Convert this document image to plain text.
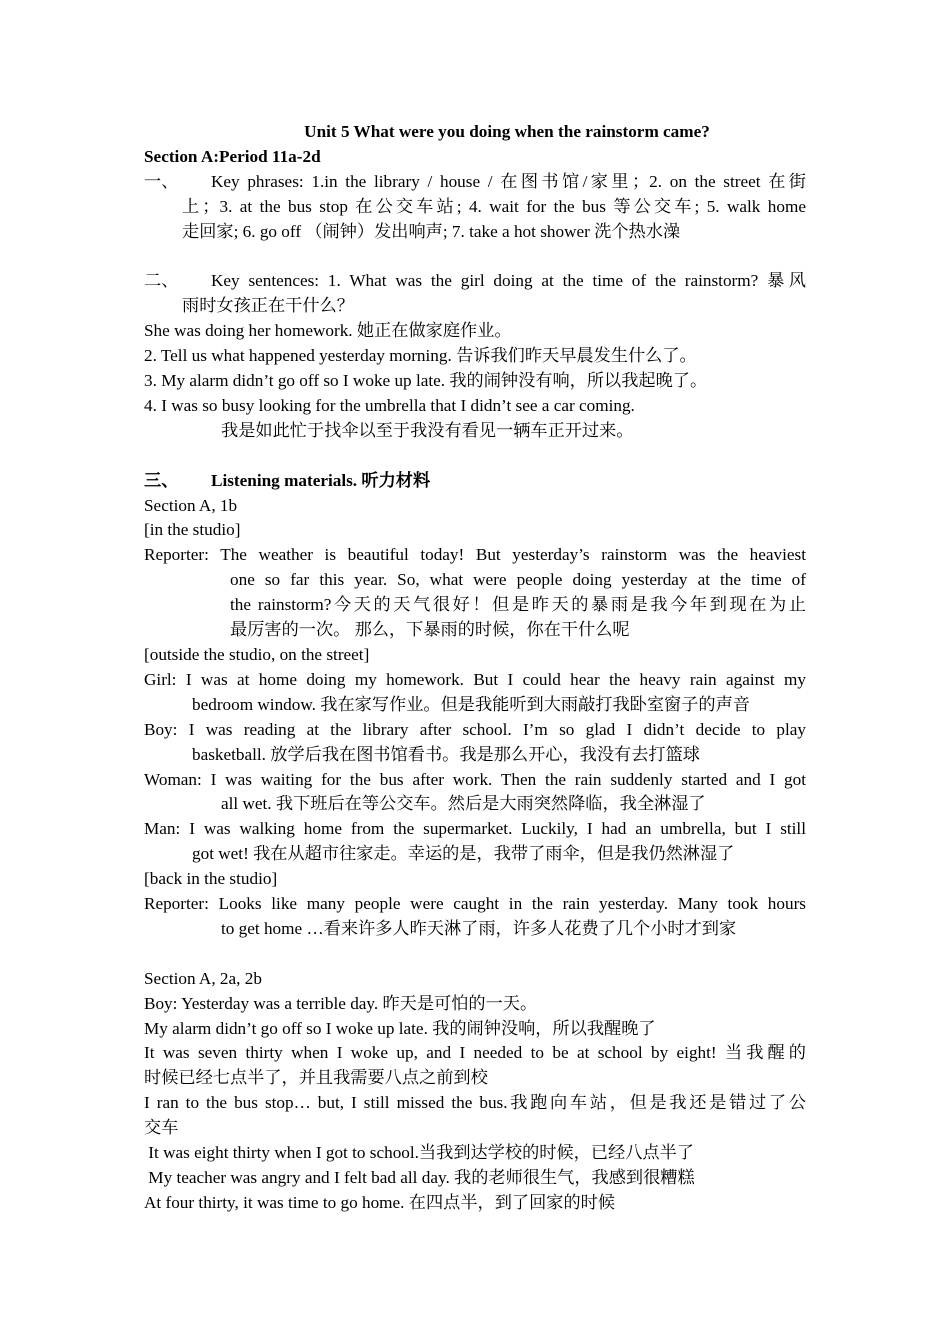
Unit 5 What were you doing when the rainstorm came?
Section A:Period 11a-2d
一、	Key phrases: 1.in the library / house / 在图书馆/家里；2. on the street 在街
上；3. at the bus stop 在公交车站; 4. wait for the bus 等公交车; 5. walk home
走回家; 6. go off （闹钟）发出响声; 7. take a hot shower 洗个热水澡
二、	Key sentences: 1. What was the girl doing at the time of the rainstorm? 暴风
雨时女孩正在干什么？
She was doing her homework. 她正在做家庭作业。
2. Tell us what happened yesterday morning. 告诉我们昨天早晨发生什么了。
3. My alarm didn’t go off so I woke up late. 我的闹钟没有响，所以我起晚了。
4. I was so busy looking for the umbrella that I didn’t see a car coming.
我是如此忙于找伞以至于我没有看见一辆车正开过来。
三、	Listening materials. 听力材料
Section A, 1b
[in the studio]
Reporter: The weather is beautiful today! But yesterday’s rainstorm was the heaviest
one so far this year. So, what were people doing yesterday at the time of
the rainstorm?今天的天气很好！但是昨天的暴雨是我今年到现在为止
最厉害的一次。 那么，下暴雨的时候，你在干什么呢
[outside the studio, on the street]
Girl: I was at home doing my homework. But I could hear the heavy rain against my
bedroom window. 我在家写作业。但是我能听到大雨敲打我卧室窗子的声音
Boy: I was reading at the library after school. I’m so glad I didn’t decide to play
basketball. 放学后我在图书馆看书。我是那么开心，我没有去打篮球
Woman: I was waiting for the bus after work. Then the rain suddenly started and I got
all wet. 我下班后在等公交车。然后是大雨突然降临，我全淋湿了
Man: I was walking home from the supermarket. Luckily, I had an umbrella, but I still
got wet! 我在从超市往家走。幸运的是，我带了雨伞，但是我仍然淋湿了
[back in the studio]
Reporter: Looks like many people were caught in the rain yesterday. Many took hours
to get home …看来许多人昨天淋了雨，许多人花费了几个小时才到家
Section A, 2a, 2b
Boy: Yesterday was a terrible day. 昨天是可怕的一天。
My alarm didn’t go off so I woke up late. 我的闹钟没响，所以我醒晚了
It was seven thirty when I woke up, and I needed to be at school by eight! 当我醒的
时候已经七点半了，并且我需要八点之前到校
I ran to the bus stop… but, I still missed the bus.我跑向车站，但是我还是错过了公
交车
It was eight thirty when I got to school.当我到达学校的时候，已经八点半了
My teacher was angry and I felt bad all day. 我的老师很生气，我感到很糟糕
At four thirty, it was time to go home. 在四点半，到了回家的时候
